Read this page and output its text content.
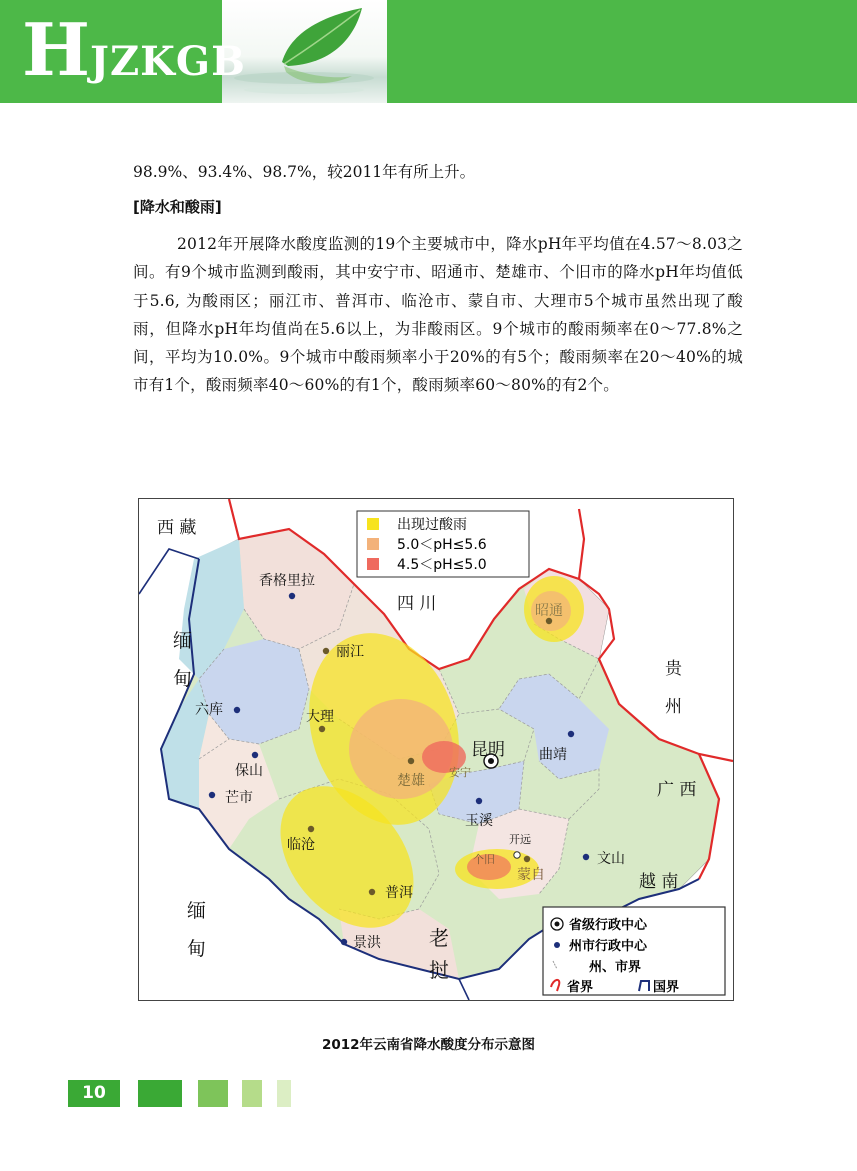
HJZKGB
98.9%、93.4%、98.7%，较2011年有所上升。
[降水和酸雨]
2012年开展降水酸度监测的19个主要城市中，降水pH年平均值在4.57～8.03之间。有9个城市监测到酸雨，其中安宁市、昭通市、楚雄市、个旧市的降水pH年均值低于5.6, 为酸雨区；丽江市、普洱市、临沧市、蒙自市、大理市5个城市虽然出现了酸雨，但降水pH年均值尚在5.6以上，为非酸雨区。9个城市的酸雨频率在0～77.8%之间，平均为10.0%。9个城市中酸雨频率小于20%的有5个；酸雨频率在20～40%的城市有1个，酸雨频率40～60%的有1个，酸雨频率60～80%的有2个。
西 藏
四 川
贵
州
广 西
越 南
老
挝
缅
甸
缅
甸
香格里拉
丽江
昭通
六库	大理
昆明 曲靖
保山
楚雄
安宁
芒市
玉溪
临沧	开远
个旧
蒙自
文山
普洱
景洪
出现过酸雨
5.0＜pH≤5.6
4.5＜pH≤5.0
省级行政中心
州市行政中心
州、市界
省界	国界
2012年云南省降水酸度分布示意图
10
